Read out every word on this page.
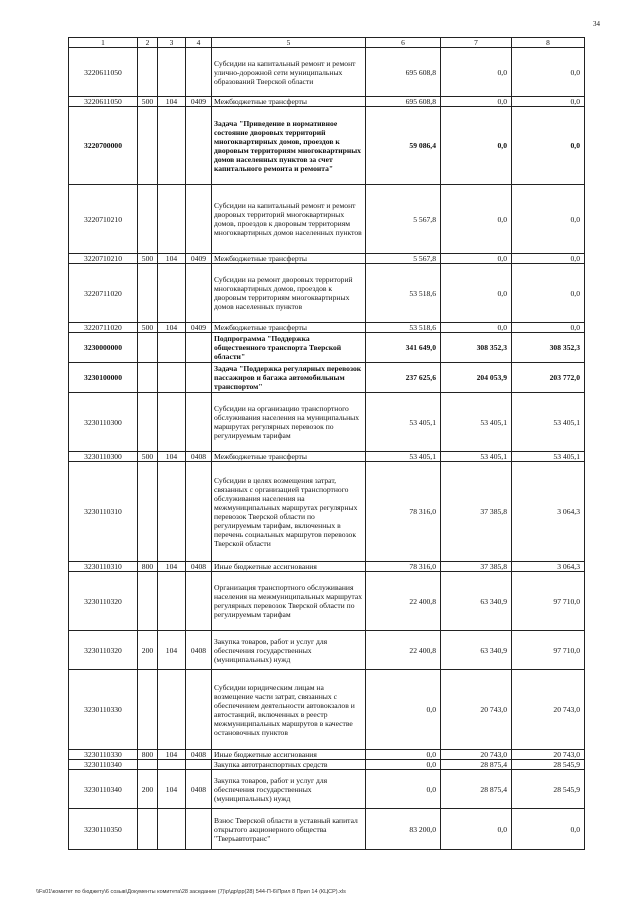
34
1	2	3	4	5	6	7	8
3220611050				Субсидии на капитальный ремонт и ремонт улично-дорожной сети муниципальных образований Тверской области	695 608,8	0,0	0,0
3220611050	500	104	0409	Межбюджетные трансферты	695 608,8	0,0	0,0
3220700000				Задача "Приведение в нормативное состояние дворовых территорий многоквартирных домов, проездов к дворовым территориям многоквартирных домов населенных пунктов за счет капитального ремонта и ремонта"	59 086,4	0,0	0,0
3220710210				Субсидии на капитальный ремонт и ремонт дворовых территорий многоквартирных домов, проездов к дворовым территориям многоквартирных домов населенных пунктов	5 567,8	0,0	0,0
3220710210	500	104	0409	Межбюджетные трансферты	5 567,8	0,0	0,0
3220711020				Субсидии на ремонт дворовых территорий многоквартирных домов, проездов к дворовым территориям многоквартирных домов населенных пунктов	53 518,6	0,0	0,0
3220711020	500	104	0409	Межбюджетные трансферты	53 518,6	0,0	0,0
3230000000				Подпрограмма "Поддержка общественного транспорта Тверской области"	341 649,0	308 352,3	308 352,3
3230100000				Задача "Поддержка регулярных перевозок пассажиров и багажа автомобильным транспортом"	237 625,6	204 053,9	203 772,0
3230110300				Субсидии на организацию транспортного обслуживания населения на муниципальных маршрутах регулярных перевозок по регулируемым тарифам	53 405,1	53 405,1	53 405,1
3230110300	500	104	0408	Межбюджетные трансферты	53 405,1	53 405,1	53 405,1
3230110310				Субсидии в целях возмещения затрат, связанных с организацией транспортного обслуживания населения на межмуниципальных маршрутах регулярных перевозок Тверской области по регулируемым тарифам, включенных в перечень социальных маршрутов перевозок Тверской области	78 316,0	37 385,8	3 064,3
3230110310	800	104	0408	Иные бюджетные ассигнования	78 316,0	37 385,8	3 064,3
3230110320				Организация транспортного обслуживания населения на межмуниципальных маршрутах регулярных перевозок Тверской области по регулируемым тарифам	22 400,8	63 340,9	97 710,0
3230110320	200	104	0408	Закупка товаров, работ и услуг для обеспечения государственных (муниципальных) нужд	22 400,8	63 340,9	97 710,0
3230110330				Субсидии юридическим лицам на возмещение части затрат, связанных с обеспечением деятельности автовокзалов и автостанций, включенных в реестр межмуниципальных маршрутов в качестве остановочных пунктов	0,0	20 743,0	20 743,0
3230110330	800	104	0408	Иные бюджетные ассигнования	0,0	20 743,0	20 743,0
3230110340				Закупка автотранспортных средств	0,0	28 875,4	28 545,9
3230110340	200	104	0408	Закупка товаров, работ и услуг для обеспечения государственных (муниципальных) нужд	0,0	28 875,4	28 545,9
3230110350				Взнос Тверской области в уставный капитал открытого акционерного общества "Тверьавтотранс"	83 200,0	0,0	0,0
\\Fs01\комитет по бюджету\6 созыв\Документы комитета\28 заседание (7)\р\др\рр(28) 544-П-6\Прил 8 Прил 14 (КЦСР).xls
